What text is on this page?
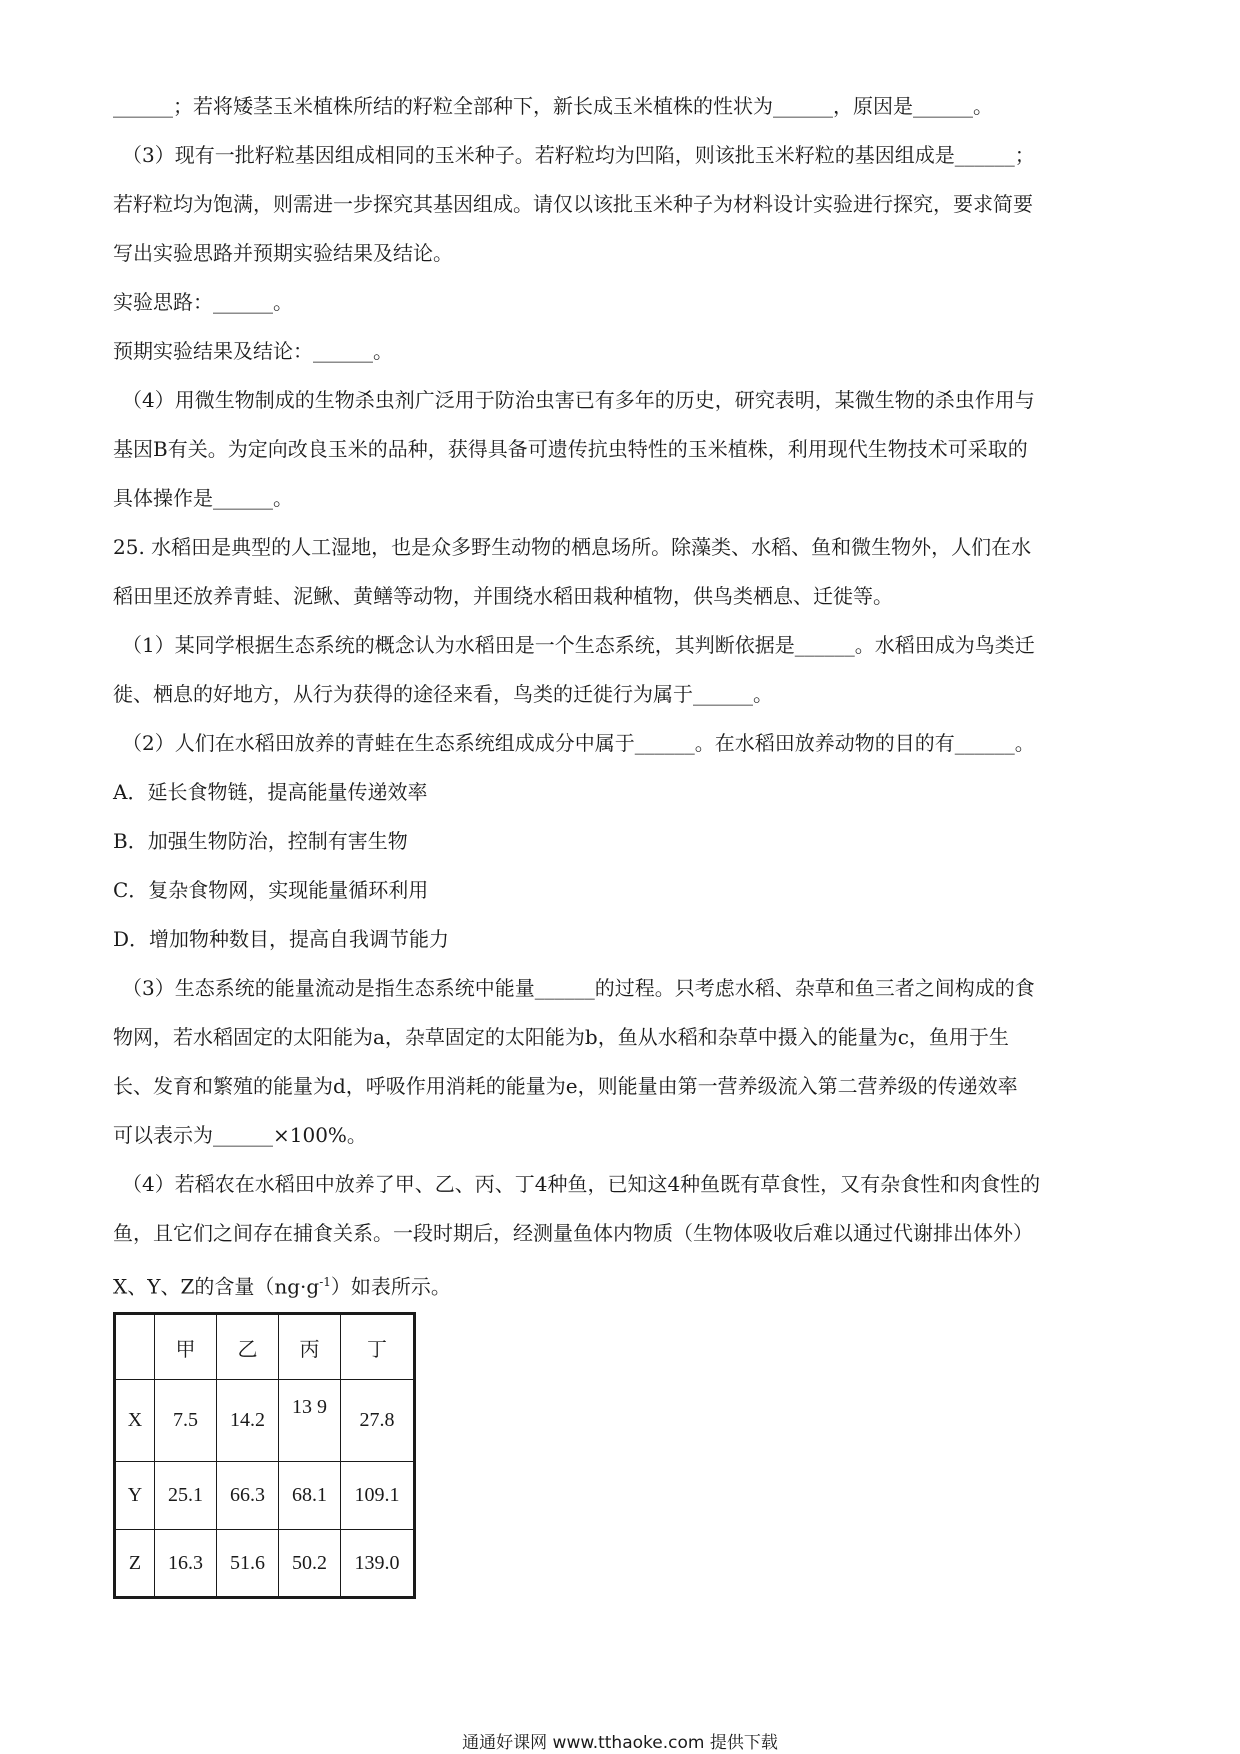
______；若将矮茎玉米植株所结的籽粒全部种下，新长成玉米植株的性状为______，原因是______。
（3）现有一批籽粒基因组成相同的玉米种子。若籽粒均为凹陷，则该批玉米籽粒的基因组成是______；
若籽粒均为饱满，则需进一步探究其基因组成。请仅以该批玉米种子为材料设计实验进行探究，要求简要
写出实验思路并预期实验结果及结论。
实验思路：______。
预期实验结果及结论：______。
（4）用微生物制成的生物杀虫剂广泛用于防治虫害已有多年的历史，研究表明，某微生物的杀虫作用与
基因B有关。为定向改良玉米的品种，获得具备可遗传抗虫特性的玉米植株，利用现代生物技术可采取的
具体操作是______。
25. 水稻田是典型的人工湿地，也是众多野生动物的栖息场所。除藻类、水稻、鱼和微生物外，人们在水
稻田里还放养青蛙、泥鳅、黄鳝等动物，并围绕水稻田栽种植物，供鸟类栖息、迁徙等。
（1）某同学根据生态系统的概念认为水稻田是一个生态系统，其判断依据是______。水稻田成为鸟类迁
徙、栖息的好地方，从行为获得的途径来看，鸟类的迁徙行为属于______。
（2）人们在水稻田放养的青蛙在生态系统组成成分中属于______。在水稻田放养动物的目的有______。
A．延长食物链，提高能量传递效率
B．加强生物防治，控制有害生物
C．复杂食物网，实现能量循环利用
D．增加物种数目，提高自我调节能力
（3）生态系统的能量流动是指生态系统中能量______的过程。只考虑水稻、杂草和鱼三者之间构成的食
物网，若水稻固定的太阳能为a，杂草固定的太阳能为b，鱼从水稻和杂草中摄入的能量为c，鱼用于生
长、发育和繁殖的能量为d，呼吸作用消耗的能量为e，则能量由第一营养级流入第二营养级的传递效率
可以表示为______×100%。
（4）若稻农在水稻田中放养了甲、乙、丙、丁4种鱼，已知这4种鱼既有草食性，又有杂食性和肉食性的
鱼，且它们之间存在捕食关系。一段时期后，经测量鱼体内物质（生物体吸收后难以通过代谢排出体外）
X、Y、Z的含量$(ng\cdot g^{-1})$如表所示。
	甲	乙	丙	丁
X	7.5	14.2	13 9	27.8
Y	25.1	66.3	68.1	109.1
Z	16.3	51.6	50.2	139.0
通通好课网 www.tthaoke.com 提供下载
